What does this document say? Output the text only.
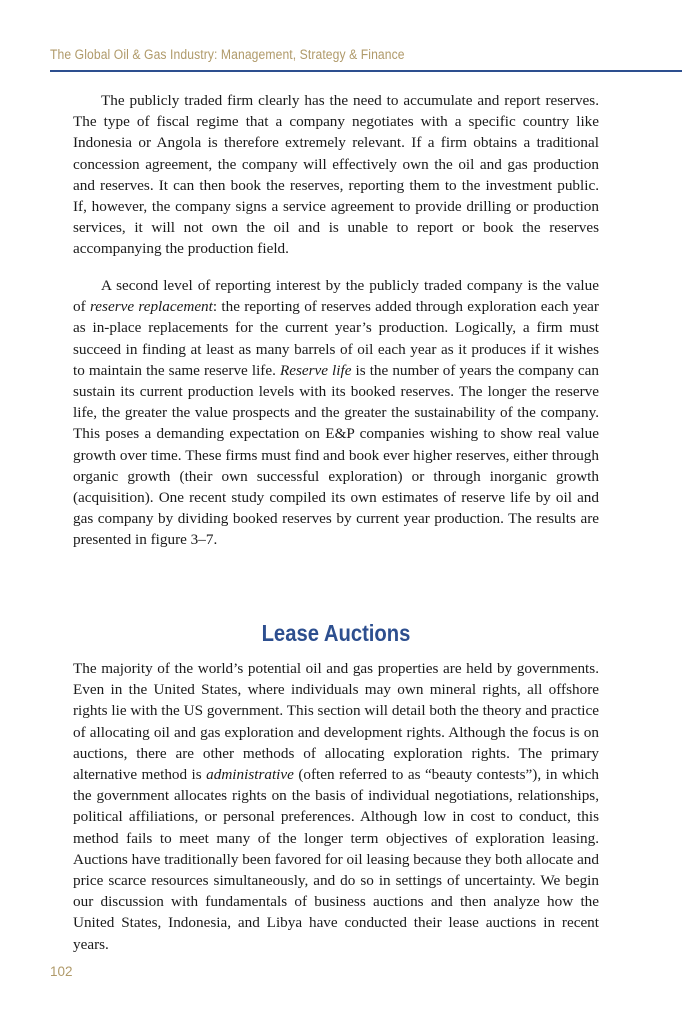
The Global Oil & Gas Industry: Management, Strategy & Finance

The publicly traded firm clearly has the need to accumulate and report reserves. The type of fiscal regime that a company negotiates with a specific country like Indonesia or Angola is therefore extremely relevant. If a firm obtains a traditional concession agreement, the company will effectively own the oil and gas production and reserves. It can then book the reserves, reporting them to the investment public. If, however, the company signs a service agreement to provide drilling or production services, it will not own the oil and is unable to report or book the reserves accompanying the production field.

A second level of reporting interest by the publicly traded company is the value of reserve replacement: the reporting of reserves added through exploration each year as in-place replacements for the current year’s production. Logically, a firm must succeed in finding at least as many barrels of oil each year as it produces if it wishes to maintain the same reserve life. Reserve life is the number of years the company can sustain its current production levels with its booked reserves. The longer the reserve life, the greater the value prospects and the greater the sustainability of the company. This poses a demanding expectation on E&P companies wishing to show real value growth over time. These firms must find and book ever higher reserves, either through organic growth (their own successful exploration) or through inorganic growth (acquisition). One recent study compiled its own estimates of reserve life by oil and gas company by dividing booked reserves by current year production. The results are presented in figure 3–7.

Lease Auctions

The majority of the world’s potential oil and gas properties are held by governments. Even in the United States, where individuals may own mineral rights, all offshore rights lie with the US government. This section will detail both the theory and practice of allocating oil and gas exploration and development rights. Although the focus is on auctions, there are other methods of allocating exploration rights. The primary alternative method is administrative (often referred to as “beauty contests”), in which the government allocates rights on the basis of individual negotiations, relationships, political affiliations, or personal preferences. Although low in cost to conduct, this method fails to meet many of the longer term objectives of exploration leasing. Auctions have traditionally been favored for oil leasing because they both allocate and price scarce resources simultaneously, and do so in settings of uncertainty. We begin our discussion with fundamentals of business auctions and then analyze how the United States, Indonesia, and Libya have conducted their lease auctions in recent years.

102
